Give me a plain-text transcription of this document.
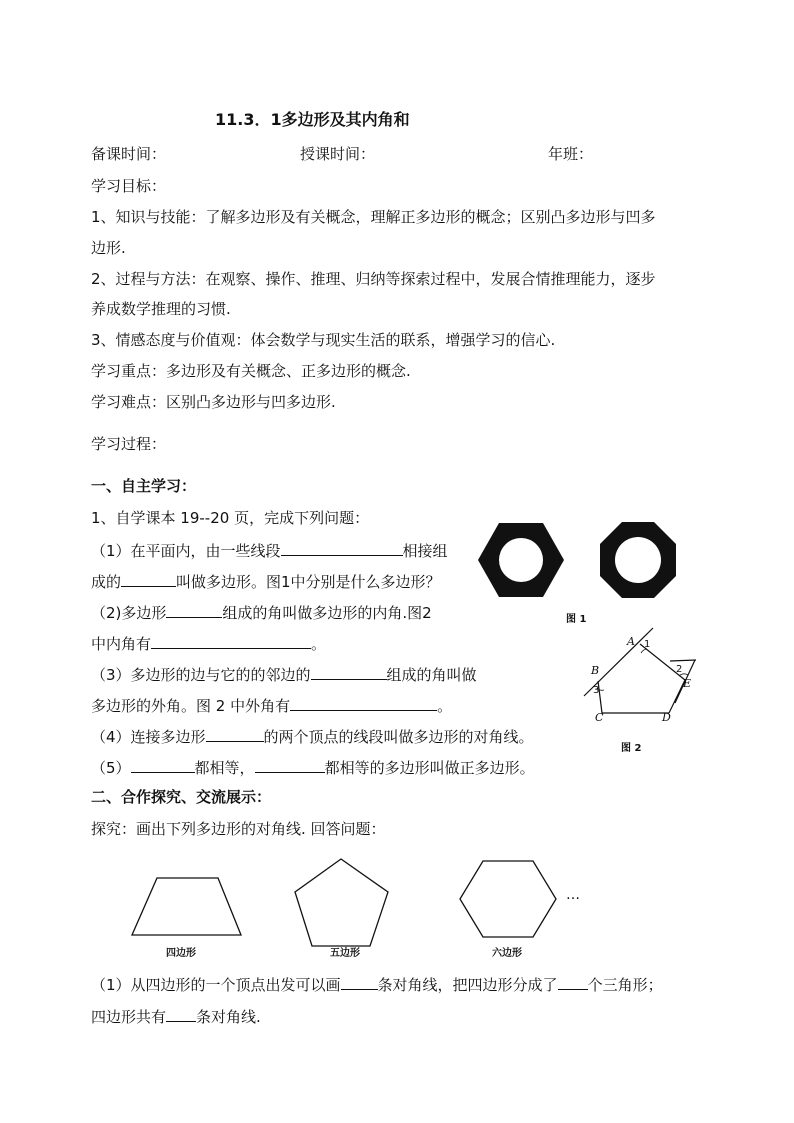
11.3．1多边形及其内角和
备课时间：	授课时间：	年班：
学习目标：
1、知识与技能：了解多边形及有关概念，理解正多边形的概念；区别凸多边形与凹多
边形.
2、过程与方法：在观察、操作、推理、归纳等探索过程中，发展合情推理能力，逐步
养成数学推理的习惯.
3、情感态度与价值观：体会数学与现实生活的联系，增强学习的信心.
学习重点：多边形及有关概念、正多边形的概念.
学习难点：区别凸多边形与凹多边形.
学习过程：
一、自主学习：
1、自学课本 19--20 页，完成下列问题：
（1）在平面内，由一些线段	相接组
成的	叫做多边形。图1中分别是什么多边形？
（2)多边形	组成的角叫做多边形的内角.图2
中内角有	。
（3）多边形的边与它的的邻边的	组成的角叫做
多边形的外角。图 2 中外角有	。
（4）连接多边形	的两个顶点的线段叫做多边形的对角线。
（5）	都相等，	都相等的多边形叫做正多边形。
图 1
A
B
C	D
E
1
2
3
图 2
二、合作探究、交流展示：
探究：画出下列多边形的对角线. 回答问题：
四边形	五边形	六边形
…
（1）从四边形的一个顶点出发可以画 条对角线，把四边形分成了 个三角形；
四边形共有 条对角线.
